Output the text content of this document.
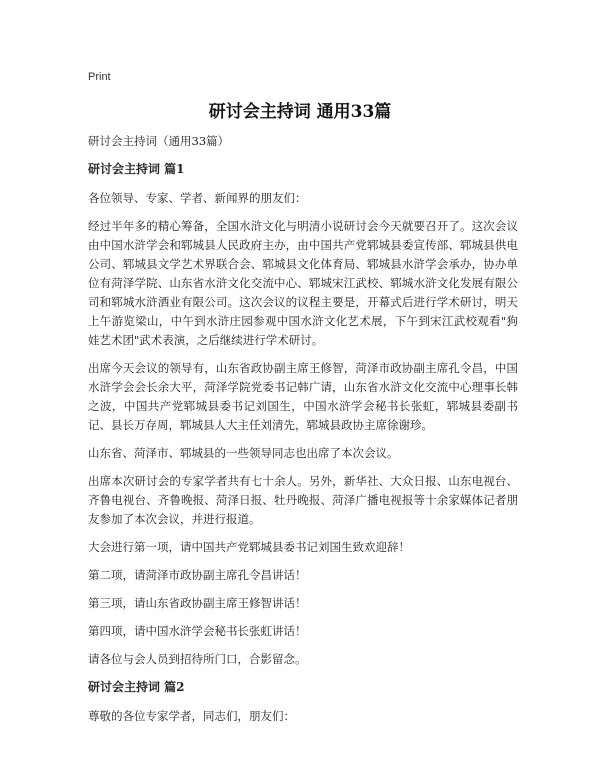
Print
研讨会主持词 通用33篇

研讨会主持词（通用33篇）

研讨会主持词 篇1

各位领导、专家、学者、新闻界的朋友们：

经过半年多的精心筹备，全国水浒文化与明清小说研讨会今天就要召开了。这次会议由中国水浒学会和郓城县人民政府主办，由中国共产党郓城县委宣传部、郓城县供电公司、郓城县文学艺术界联合会、郓城县文化体育局、郓城县水浒学会承办，协办单位有菏泽学院、山东省水浒文化交流中心、郓城宋江武校、郓城水浒文化发展有限公司和郓城水浒酒业有限公司。这次会议的议程主要是，开幕式后进行学术研讨，明天上午游览梁山，中午到水浒庄园参观中国水浒文化艺术展，下午到宋江武校观看"狗娃艺术团"武术表演，之后继续进行学术研讨。

出席今天会议的领导有，山东省政协副主席王修智，菏泽市政协副主席孔令昌，中国水浒学会会长余大平，菏泽学院党委书记韩广请，山东省水浒文化交流中心理事长韩之波，中国共产党郓城县委书记刘国生，中国水浒学会秘书长张虹，郓城县委副书记、县长万存周，郓城县人大主任刘清先，郓城县政协主席徐谢珍。

山东省、菏泽市、郓城县的一些领导同志也出席了本次会议。

出席本次研讨会的专家学者共有七十余人。另外，新华社、大众日报、山东电视台、齐鲁电视台、齐鲁晚报、菏泽日报、牡丹晚报、菏泽广播电视报等十余家媒体记者朋友参加了本次会议，并进行报道。

大会进行第一项，请中国共产党郓城县委书记刘国生致欢迎辞！

第二项，请菏泽市政协副主席孔令昌讲话！

第三项，请山东省政协副主席王修智讲话！

第四项，请中国水浒学会秘书长张虹讲话！

请各位与会人员到招待所门口，合影留念。

研讨会主持词 篇2

尊敬的各位专家学者，同志们，朋友们：
